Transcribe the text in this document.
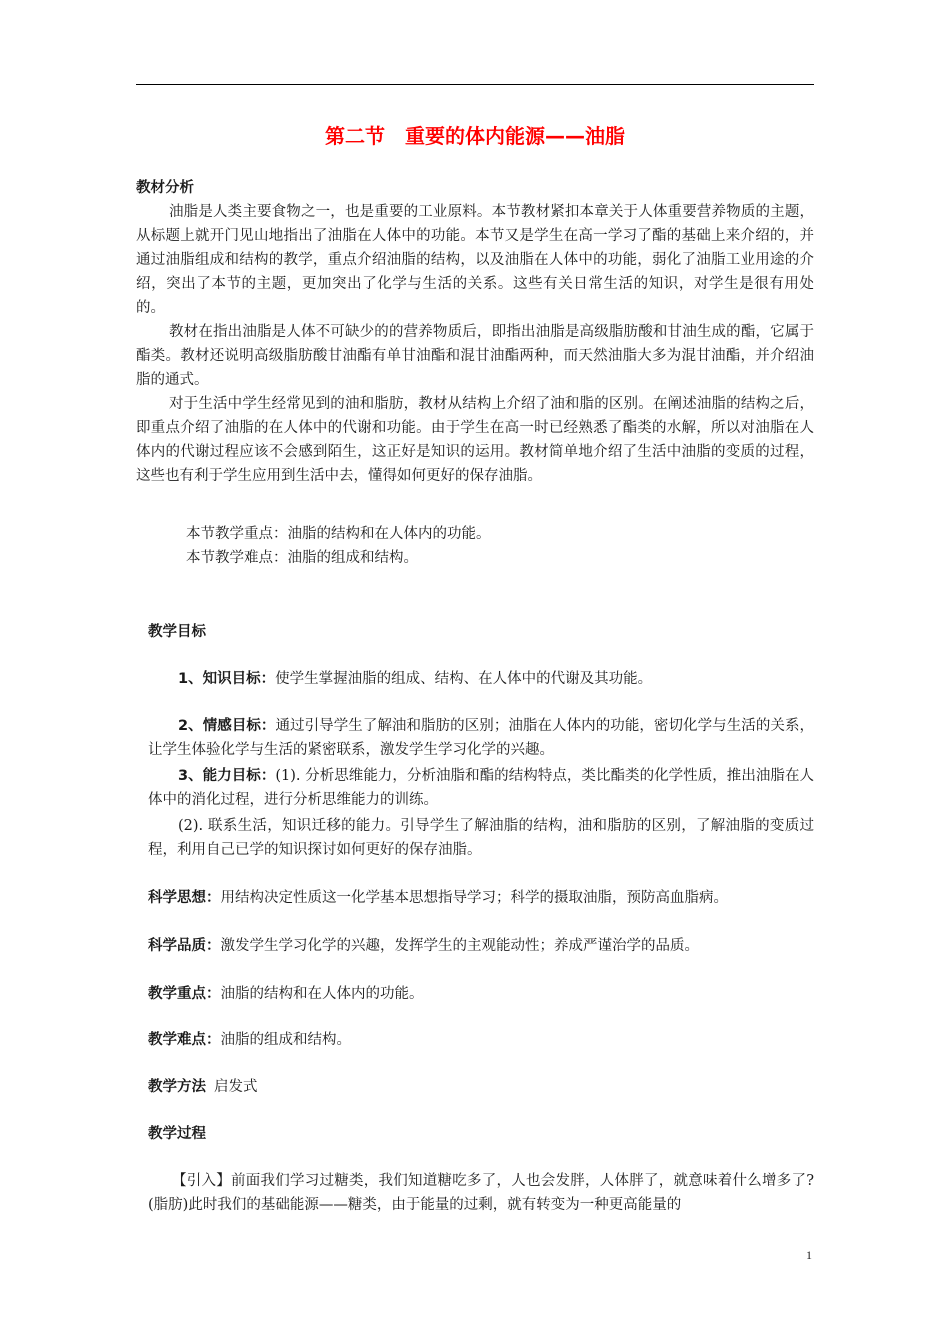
第二节　重要的体内能源——油脂
教材分析
油脂是人类主要食物之一，也是重要的工业原料。本节教材紧扣本章关于人体重要营养物质的主题，从标题上就开门见山地指出了油脂在人体中的功能。本节又是学生在高一学习了酯的基础上来介绍的，并通过油脂组成和结构的教学，重点介绍油脂的结构，以及油脂在人体中的功能，弱化了油脂工业用途的介绍，突出了本节的主题，更加突出了化学与生活的关系。这些有关日常生活的知识，对学生是很有用处的。
教材在指出油脂是人体不可缺少的的营养物质后，即指出油脂是高级脂肪酸和甘油生成的酯，它属于酯类。教材还说明高级脂肪酸甘油酯有单甘油酯和混甘油酯两种，而天然油脂大多为混甘油酯，并介绍油脂的通式。
对于生活中学生经常见到的油和脂肪，教材从结构上介绍了油和脂的区别。在阐述油脂的结构之后，即重点介绍了油脂的在人体中的代谢和功能。由于学生在高一时已经熟悉了酯类的水解，所以对油脂在人体内的代谢过程应该不会感到陌生，这正好是知识的运用。教材简单地介绍了生活中油脂的变质的过程，这些也有利于学生应用到生活中去，懂得如何更好的保存油脂。
本节教学重点：油脂的结构和在人体内的功能。
本节教学难点：油脂的组成和结构。
教学目标
1、知识目标：使学生掌握油脂的组成、结构、在人体中的代谢及其功能。
2、情感目标：通过引导学生了解油和脂肪的区别；油脂在人体内的功能，密切化学与生活的关系，让学生体验化学与生活的紧密联系，激发学生学习化学的兴趣。
3、能力目标：(1). 分析思维能力，分析油脂和酯的结构特点，类比酯类的化学性质，推出油脂在人体中的消化过程，进行分析思维能力的训练。
(2). 联系生活，知识迁移的能力。引导学生了解油脂的结构，油和脂肪的区别，了解油脂的变质过程，利用自己已学的知识探讨如何更好的保存油脂。
科学思想：用结构决定性质这一化学基本思想指导学习；科学的摄取油脂，预防高血脂病。
科学品质：激发学生学习化学的兴趣，发挥学生的主观能动性；养成严谨治学的品质。
教学重点：油脂的结构和在人体内的功能。
教学难点：油脂的组成和结构。
教学方法 启发式
教学过程
【引入】前面我们学习过糖类，我们知道糖吃多了，人也会发胖，人体胖了，就意味着什么增多了?(脂肪)此时我们的基础能源——糖类，由于能量的过剩，就有转变为一种更高能量的
1
